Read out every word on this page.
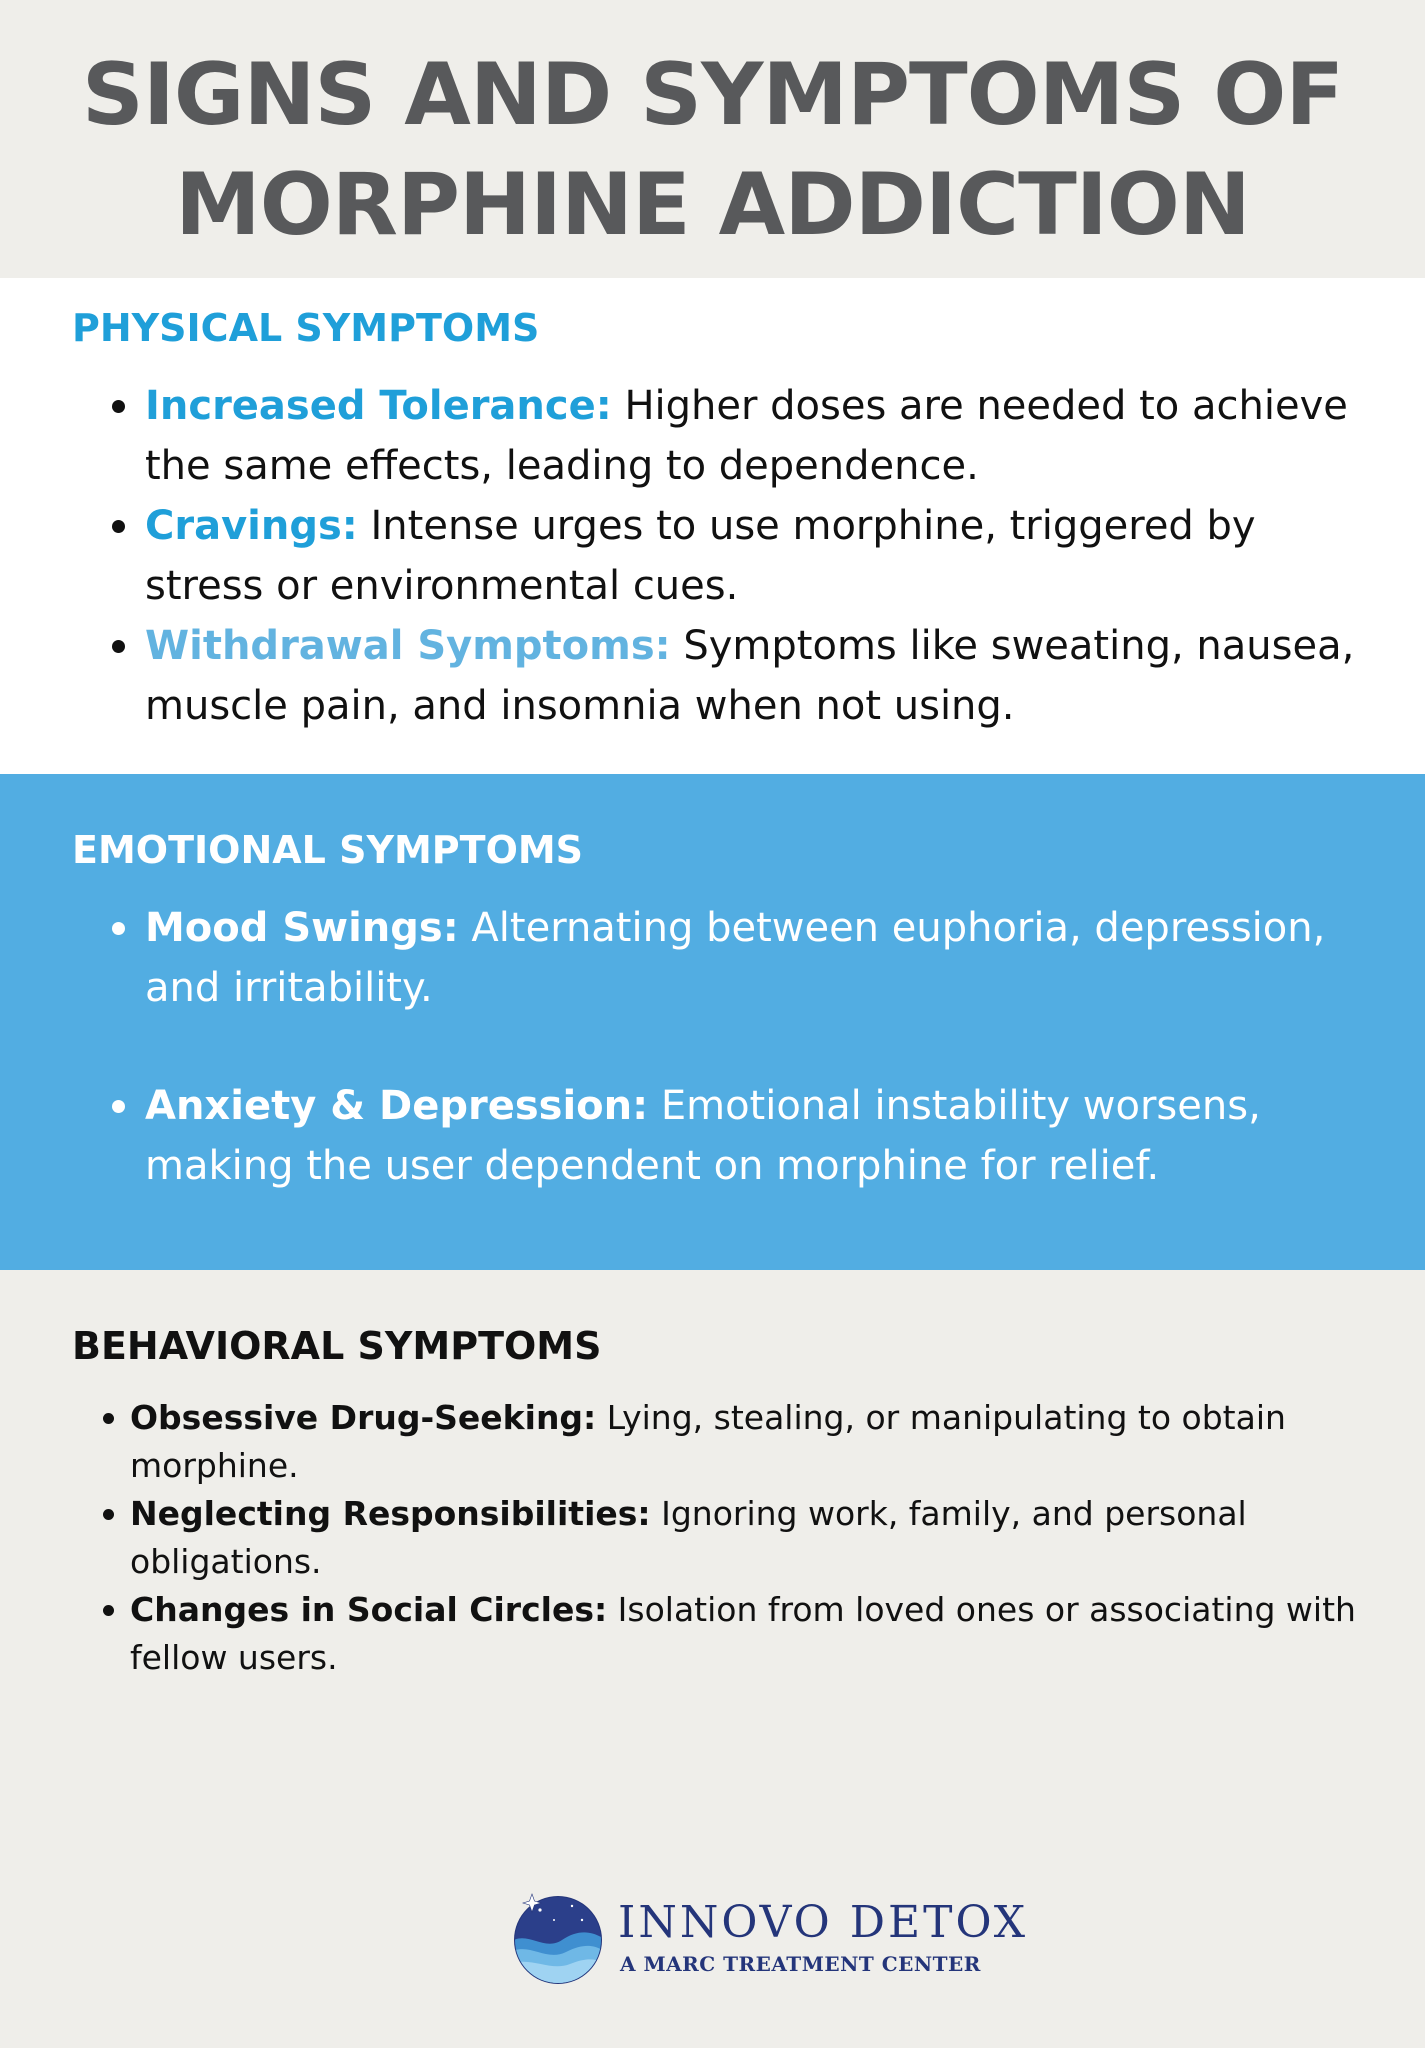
SIGNS AND SYMPTOMS OF
MORPHINE ADDICTION
PHYSICAL SYMPTOMS
Increased Tolerance: Higher doses are needed to achieve the same effects, leading to dependence.
Cravings: Intense urges to use morphine, triggered by stress or environmental cues.
Withdrawal Symptoms: Symptoms like sweating, nausea, muscle pain, and insomnia when not using.
EMOTIONAL SYMPTOMS
Mood Swings: Alternating between euphoria, depression, and irritability.
Anxiety & Depression: Emotional instability worsens, making the user dependent on morphine for relief.
BEHAVIORAL SYMPTOMS
Obsessive Drug-Seeking: Lying, stealing, or manipulating to obtain morphine.
Neglecting Responsibilities: Ignoring work, family, and personal obligations.
Changes in Social Circles: Isolation from loved ones or associating with fellow users.

INNOVO DETOX

A MARC TREATMENT CENTER
